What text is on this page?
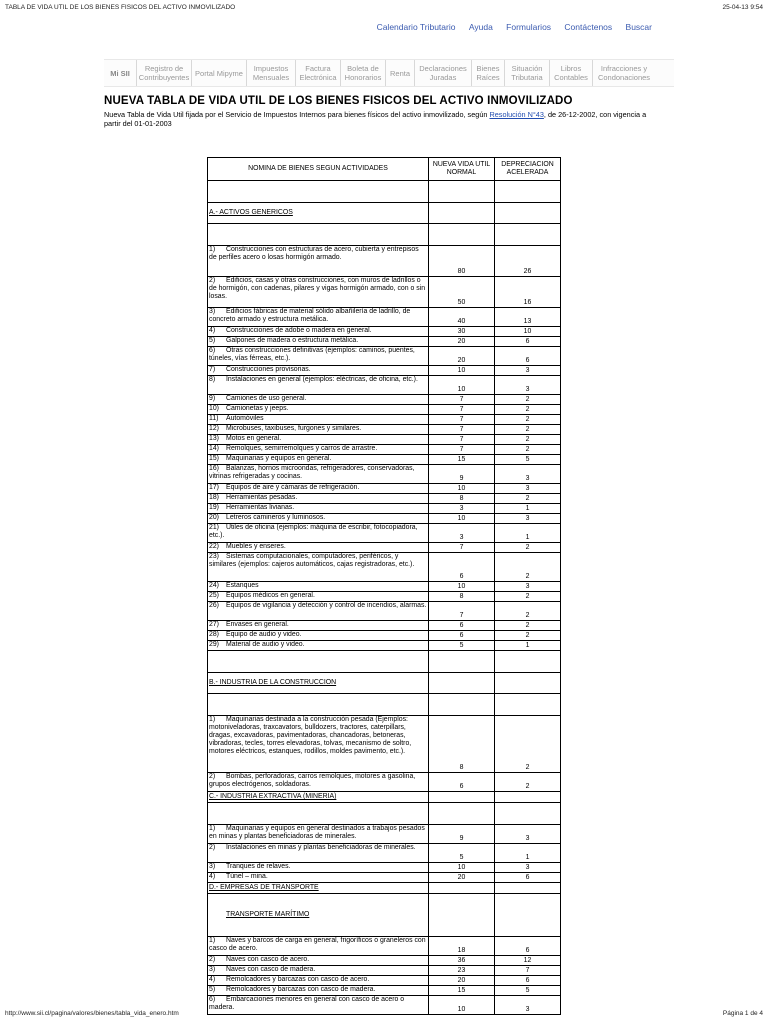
TABLA DE VIDA UTIL DE LOS BIENES FISICOS DEL ACTIVO INMOVILIZADO	25-04-13 9:54
Calendario Tributario Ayuda Formularios Contáctenos Buscar
Mi SII	Registro de Contribuyentes Portal Mipyme	Impuestos Mensuales
Factura Electrónica
Boleta de Honorarios	Renta	Declaraciones Juradas
Bienes Raíces
Situación Tributaria
Libros Contables
Infracciones y Condonaciones
NUEVA TABLA DE VIDA UTIL DE LOS BIENES FISICOS DEL ACTIVO INMOVILIZADO
Nueva Tabla de Vida Util fijada por el Servicio de Impuestos Internos para bienes físicos del activo inmovilizado, según Resolución N°43, de 26-12-2002, con vigencia a partir del 01-01-2003
NOMINA DE BIENES SEGUN ACTIVIDADES	NUEVA VIDA UTIL NORMAL	DEPRECIACION ACELERADA

A.- ACTIVOS GENERICOS		

1) Construcciones con estructuras de acero, cubierta y entrepisos de perfiles acero o losas hormigón armado.	80	26
2) Edificios, casas y otras construcciones, con muros de ladrillos o de hormigón, con cadenas, pilares y vigas hormigón armado, con o sin losas.	50	16
3) Edificios fábricas de material sólido albañilería de ladrillo, de concreto armado y estructura metálica.	40	13
4) Construcciones de adobe o madera en general.	30	10
5) Galpones de madera o estructura metálica.	20	6
6) Otras construcciones definitivas (ejemplos: caminos, puentes, túneles, vías férreas, etc.).	20	6
7) Construcciones provisorias.	10	3
8) Instalaciones en general (ejemplos: eléctricas, de oficina, etc.).	10	3
9) Camiones de uso general.	7	2
10) Camionetas y jeeps.	7	2
11) Automóviles	7	2
12) Microbuses, taxibuses, furgones y similares.	7	2
13) Motos en general.	7	2
14) Remolques, semirremolques y carros de arrastre.	7	2
15) Maquinarias y equipos en general.	15	5
16) Balanzas, hornos microondas, refrigeradores, conservadoras, vitrinas refrigeradas y cocinas.	9	3
17) Equipos de aire y cámaras de refrigeración.	10	3
18) Herramientas pesadas.	8	2
19) Herramientas livianas.	3	1
20) Letreros camineros y luminosos.	10	3
21) Utiles de oficina (ejemplos: máquina de escribir, fotocopiadora, etc.).	3	1
22) Muebles y enseres.	7	2
23) Sistemas computacionales, computadores, periféricos, y similares (ejemplos: cajeros automáticos, cajas registradoras, etc.).	6	2
24) Estanques	10	3
25) Equipos médicos en general.	8	2
26) Equipos de vigilancia y detección y control de incendios, alarmas.	7	2
27) Envases en general.	6	2
28) Equipo de audio y video.	6	2
29) Material de audio y video.	5	1

B.- INDUSTRIA DE LA CONSTRUCCION		

1) Maquinarias destinada a la construcción pesada (Ejemplos: motoniveladoras, traxcavators, bulldozers, tractores, caterpillars, dragas, excavadoras, pavimentadoras, chancadoras, betoneras, vibradoras, tecles, torres elevadoras, tolvas, mecanismo de soltro, motores eléctricos, estanques, rodillos, moldes pavimento, etc.).	8	2
2) Bombas, perforadoras, carros remolques, motores a gasolina, grupos electrógenos, soldadoras.	6	2
C.- INDUSTRIA EXTRACTIVA (MINERIA)		

1) Maquinarias y equipos en general destinados a trabajos pesados en minas y plantas beneficiadoras de minerales.	9	3
2) Instalaciones en minas y plantas beneficiadoras de minerales.	5	1
3) Tranques de relaves.	10	3
4) Túnel – mina.	20	6
D.- EMPRESAS DE TRANSPORTE		
TRANSPORTE MARÍTIMO		
1) Naves y barcos de carga en general, frigoríficos o graneleros con casco de acero.	18	6
2) Naves con casco de acero.	36	12
3) Naves con casco de madera.	23	7
4) Remolcadores y barcazas con casco de acero.	20	6
5) Remolcadores y barcazas con casco de madera.	15	5
6) Embarcaciones menores en general con casco de acero o madera.	10	3
http://www.sii.cl/pagina/valores/bienes/tabla_vida_enero.htm	Página 1 de 4
